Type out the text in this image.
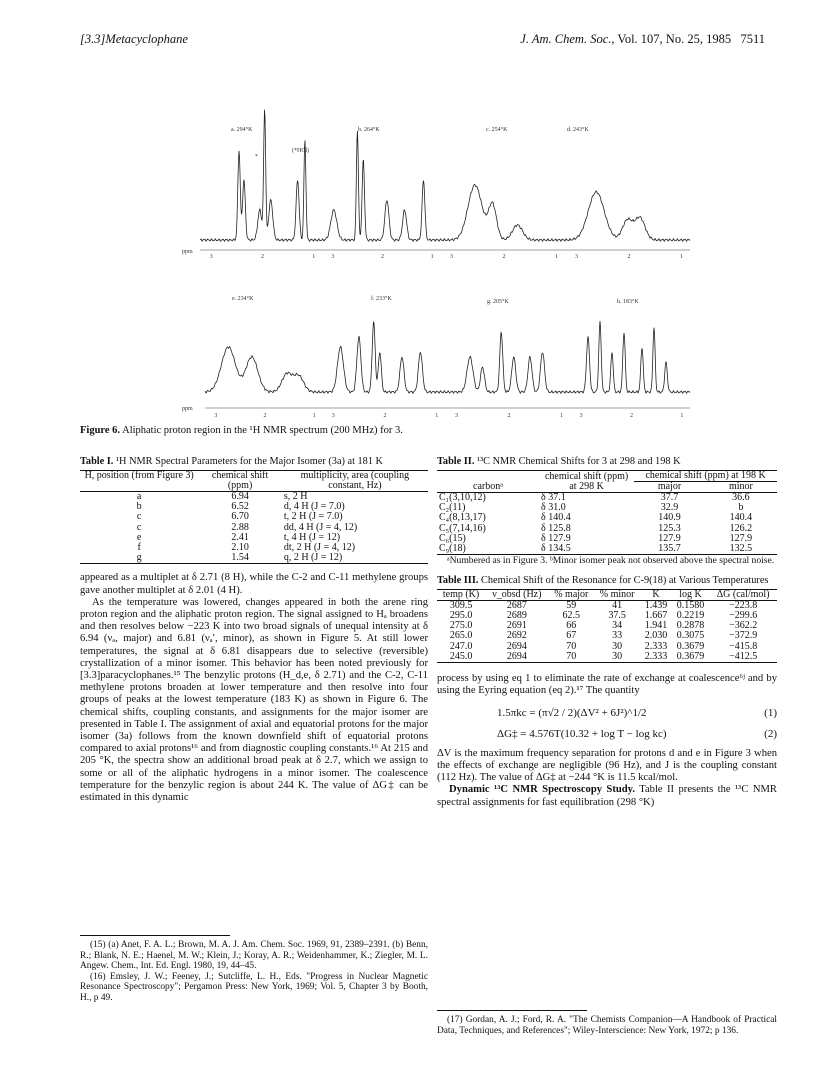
[3.3]Metacyclophane	J. Am. Chem. Soc., Vol. 107, No. 25, 1985 7511
a. 294°K	b. 264°K	c. 254°K	d. 243°K
(*HCl)
*
e. 234°K	f. 233°K	g. 205°K	h. 183°K
ppm
ppm
3	2	1	3	2	1	3	2	1	3	2	1
3	2	1	3	2	1	3	2	1	3	2	1
Figure 6. Aliphatic proton region in the ¹H NMR spectrum (200 MHz) for 3.
Table I. ¹H NMR Spectral Parameters for the Major Isomer (3a) at 181 K
H, position (from Figure 3)	chemical shift (ppm)	multiplicity, area (coupling constant, Hz)
a	6.94	s, 2 H
b	6.52	d, 4 H (J = 7.0)
c	6.70	t, 2 H (J = 7.0)
c	2.88	dd, 4 H (J = 4, 12)
e	2.41	t, 4 H (J = 12)
f	2.10	dt, 2 H (J = 4, 12)
g	1.54	q, 2 H (J = 12)

appeared as a multiplet at δ 2.71 (8 H), while the C-2 and C-11 methylene groups gave another multiplet at δ 2.01 (4 H).

As the temperature was lowered, changes appeared in both the arene ring proton region and the aliphatic proton region. The signal assigned to Hₐ broadens and then resolves below −223 K into two broad signals of unequal intensity at δ 6.94 (νₐ, major) and 6.81 (νₐ′, minor), as shown in Figure 5. At still lower temperatures, the signal at δ 6.81 disappears due to selective (reversible) crystallization of a minor isomer. This behavior has been noted previously for [3.3]paracyclophanes.¹⁵ The benzylic protons (H_d,e, δ 2.71) and the C-2, C-11 methylene protons broaden at lower temperature and then resolve into four groups of peaks at the lowest temperature (183 K) as shown in Figure 6. The chemical shifts, coupling constants, and assignments for the major isomer are presented in Table I. The assignment of axial and equatorial protons for the major isomer (3a) follows from the known downfield shift of equatorial protons compared to axial protons¹⁶ and from diagnostic coupling constants.¹⁶ At 215 and 205 °K, the spectra show an additional broad peak at δ 2.7, which we assign to some or all of the aliphatic hydrogens in a minor isomer. The coalescence temperature for the benzylic region is about 244 K. The value of ΔG‡ can be estimated in this dynamic

(15) (a) Anet, F. A. L.; Brown, M. A. J. Am. Chem. Soc. 1969, 91, 2389–2391. (b) Benn, R.; Blank, N. E.; Haenel, M. W.; Klein, J.; Koray, A. R.; Weidenhammer, K.; Ziegler, M. L. Angew. Chem., Int. Ed. Engl. 1980, 19, 44–45.
(16) Emsley, J. W.; Feeney, J.; Sutcliffe, L. H., Eds. "Progress in Nuclear Magnetic Resonance Spectroscopy"; Pergamon Press: New York, 1969; Vol. 5, Chapter 3 by Booth, H., p 49.
Table II. ¹³C NMR Chemical Shifts for 3 at 298 and 198 K
carbonᵃ	chemical shift (ppm) at 298 K	chemical shift (ppm) at 198 K	
		major	minor
C₁(3,10,12)	δ 37.1	37.7	36.6
C₂(11)	δ 31.0	32.9	b
C₄(8,13,17)	δ 140.4	140.9	140.4
C₅(7,14,16)	δ 125.8	125.3	126.2
C₆(15)	δ 127.9	127.9	127.9
C₉(18)	δ 134.5	135.7	132.5
ᵃNumbered as in Figure 3. ᵇMinor isomer peak not observed above the spectral noise.
Table III. Chemical Shift of the Resonance for C-9(18) at Various Temperatures
temp (K)	ν_obsd (Hz)	% major	% minor	K	log K	ΔG (cal/mol)
309.5	2687	59	41	1.439	0.1580	−223.8
295.0	2689	62.5	37.5	1.667	0.2219	−299.6
275.0	2691	66	34	1.941	0.2878	−362.2
265.0	2692	67	33	2.030	0.3075	−372.9
247.0	2694	70	30	2.333	0.3679	−415.8
245.0	2694	70	30	2.333	0.3679	−412.5

process by using eq 1 to eliminate the rate of exchange at coalescence⁶ʲ and by using the Eyring equation (eq 2).¹⁷ The quantity

1.5πkc = (π√2 / 2)(ΔV² + 6J²)^1/2	(1)
ΔG‡ = 4.576T(10.32 + log T − log kc)	(2)

ΔV is the maximum frequency separation for protons d and e in Figure 3 when the effects of exchange are negligible (96 Hz), and J is the coupling constant (112 Hz). The value of ΔG‡ at −244 °K is 11.5 kcal/mol.

Dynamic ¹³C NMR Spectroscopy Study. Table II presents the ¹³C NMR spectral assignments for fast equilibration (298 °K)

(17) Gordan, A. J.; Ford, R. A. "The Chemists Companion—A Handbook of Practical Data, Techniques, and References"; Wiley-Interscience: New York, 1972; p 136.
